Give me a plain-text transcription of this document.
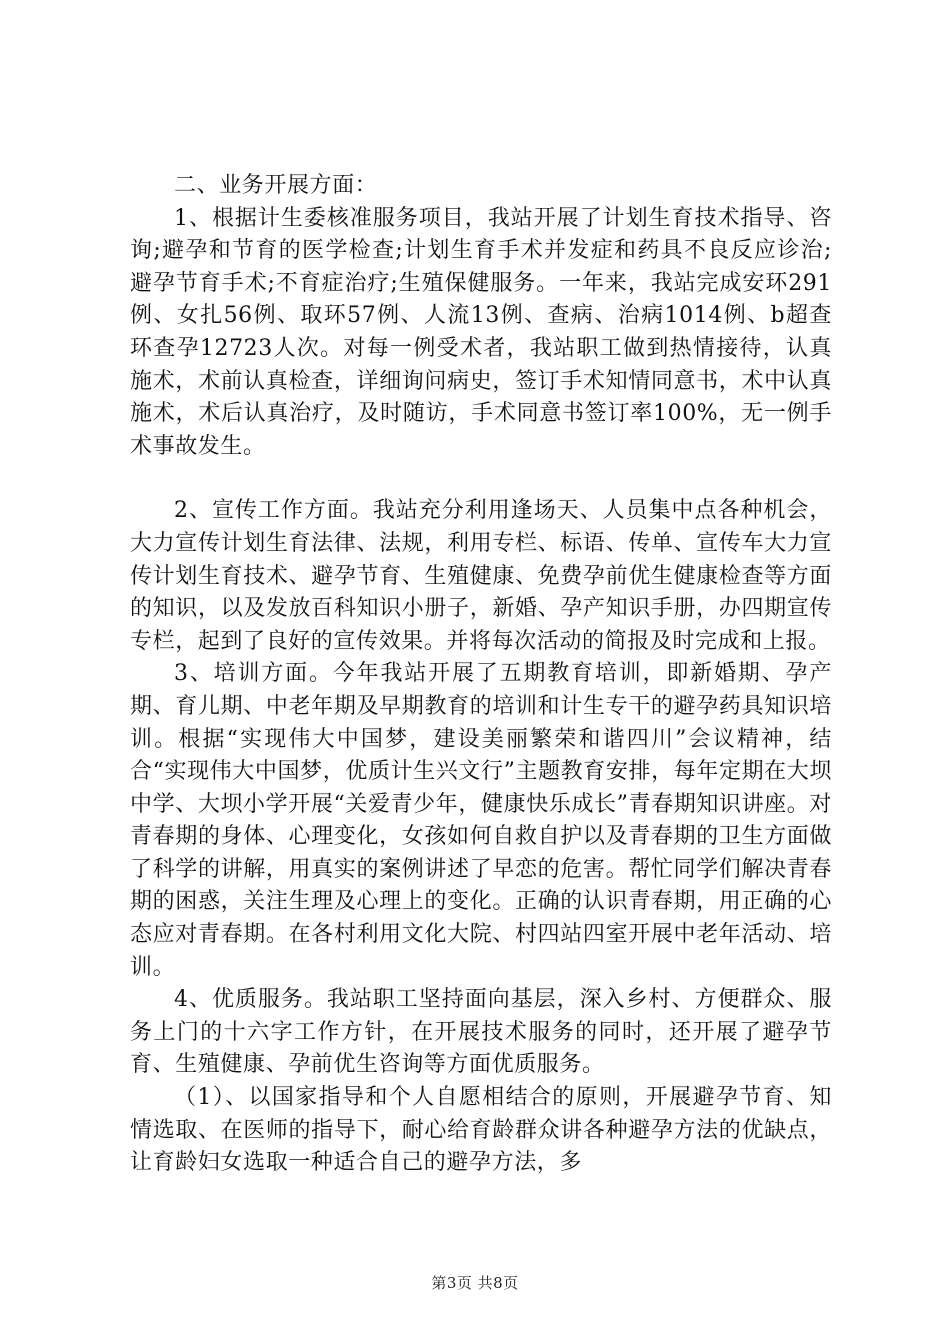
二、业务开展方面：

1、根据计生委核准服务项目，我站开展了计划生育技术指导、咨询;避孕和节育的医学检查;计划生育手术并发症和药具不良反应诊治;避孕节育手术;不育症治疗;生殖保健服务。一年来，我站完成安环291例、女扎56例、取环57例、人流13例、查病、治病1014例、b超查环查孕12723人次。对每一例受术者，我站职工做到热情接待，认真施术，术前认真检查，详细询问病史，签订手术知情同意书，术中认真施术，术后认真治疗，及时随访，手术同意书签订率100%，无一例手术事故发生。

2、宣传工作方面。我站充分利用逢场天、人员集中点各种机会，大力宣传计划生育法律、法规，利用专栏、标语、传单、宣传车大力宣传计划生育技术、避孕节育、生殖健康、免费孕前优生健康检查等方面的知识，以及发放百科知识小册子，新婚、孕产知识手册，办四期宣传专栏，起到了良好的宣传效果。并将每次活动的简报及时完成和上报。

3、培训方面。今年我站开展了五期教育培训，即新婚期、孕产期、育儿期、中老年期及早期教育的培训和计生专干的避孕药具知识培训。根据“实现伟大中国梦，建设美丽繁荣和谐四川”会议精神，结合“实现伟大中国梦，优质计生兴文行”主题教育安排，每年定期在大坝中学、大坝小学开展“关爱青少年，健康快乐成长”青春期知识讲座。对青春期的身体、心理变化，女孩如何自救自护以及青春期的卫生方面做了科学的讲解，用真实的案例讲述了早恋的危害。帮忙同学们解决青春期的困惑，关注生理及心理上的变化。正确的认识青春期，用正确的心态应对青春期。在各村利用文化大院、村四站四室开展中老年活动、培训。

4、优质服务。我站职工坚持面向基层，深入乡村、方便群众、服务上门的十六字工作方针，在开展技术服务的同时，还开展了避孕节育、生殖健康、孕前优生咨询等方面优质服务。

（1）、以国家指导和个人自愿相结合的原则，开展避孕节育、知情选取、在医师的指导下，耐心给育龄群众讲各种避孕方法的优缺点，让育龄妇女选取一种适合自己的避孕方法，多

第3页 共8页
